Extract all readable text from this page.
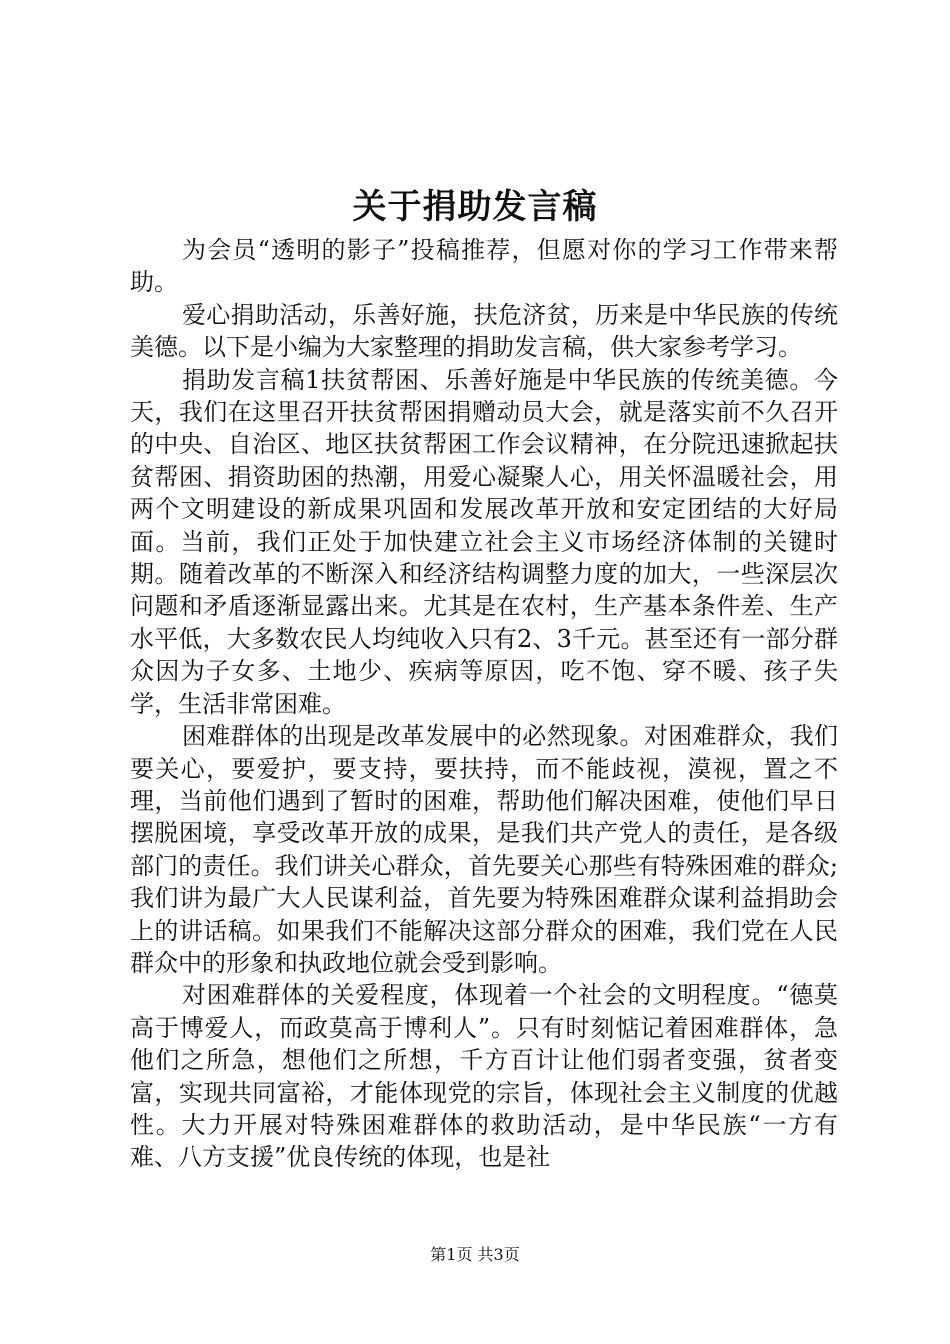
关于捐助发言稿

为会员“透明的影子”投稿推荐，但愿对你的学习工作带来帮助。

爱心捐助活动，乐善好施，扶危济贫，历来是中华民族的传统美德。以下是小编为大家整理的捐助发言稿，供大家参考学习。

捐助发言稿1扶贫帮困、乐善好施是中华民族的传统美德。今天，我们在这里召开扶贫帮困捐赠动员大会，就是落实前不久召开的中央、自治区、地区扶贫帮困工作会议精神，在分院迅速掀起扶贫帮困、捐资助困的热潮，用爱心凝聚人心，用关怀温暖社会，用两个文明建设的新成果巩固和发展改革开放和安定团结的大好局面。当前，我们正处于加快建立社会主义市场经济体制的关键时期。随着改革的不断深入和经济结构调整力度的加大，一些深层次问题和矛盾逐渐显露出来。尤其是在农村，生产基本条件差、生产水平低，大多数农民人均纯收入只有2、3千元。甚至还有一部分群众因为子女多、土地少、疾病等原因，吃不饱、穿不暖、孩子失学，生活非常困难。

困难群体的出现是改革发展中的必然现象。对困难群众，我们要关心，要爱护，要支持，要扶持，而不能歧视，漠视，置之不理，当前他们遇到了暂时的困难，帮助他们解决困难，使他们早日摆脱困境，享受改革开放的成果，是我们共产党人的责任，是各级部门的责任。我们讲关心群众，首先要关心那些有特殊困难的群众;我们讲为最广大人民谋利益，首先要为特殊困难群众谋利益捐助会上的讲话稿。如果我们不能解决这部分群众的困难，我们党在人民群众中的形象和执政地位就会受到影响。

对困难群体的关爱程度，体现着一个社会的文明程度。“德莫高于博爱人，而政莫高于博利人”。只有时刻惦记着困难群体，急他们之所急，想他们之所想，千方百计让他们弱者变强，贫者变富，实现共同富裕，才能体现党的宗旨，体现社会主义制度的优越性。大力开展对特殊困难群体的救助活动，是中华民族“一方有难、八方支援”优良传统的体现，也是社

第1页 共3页
